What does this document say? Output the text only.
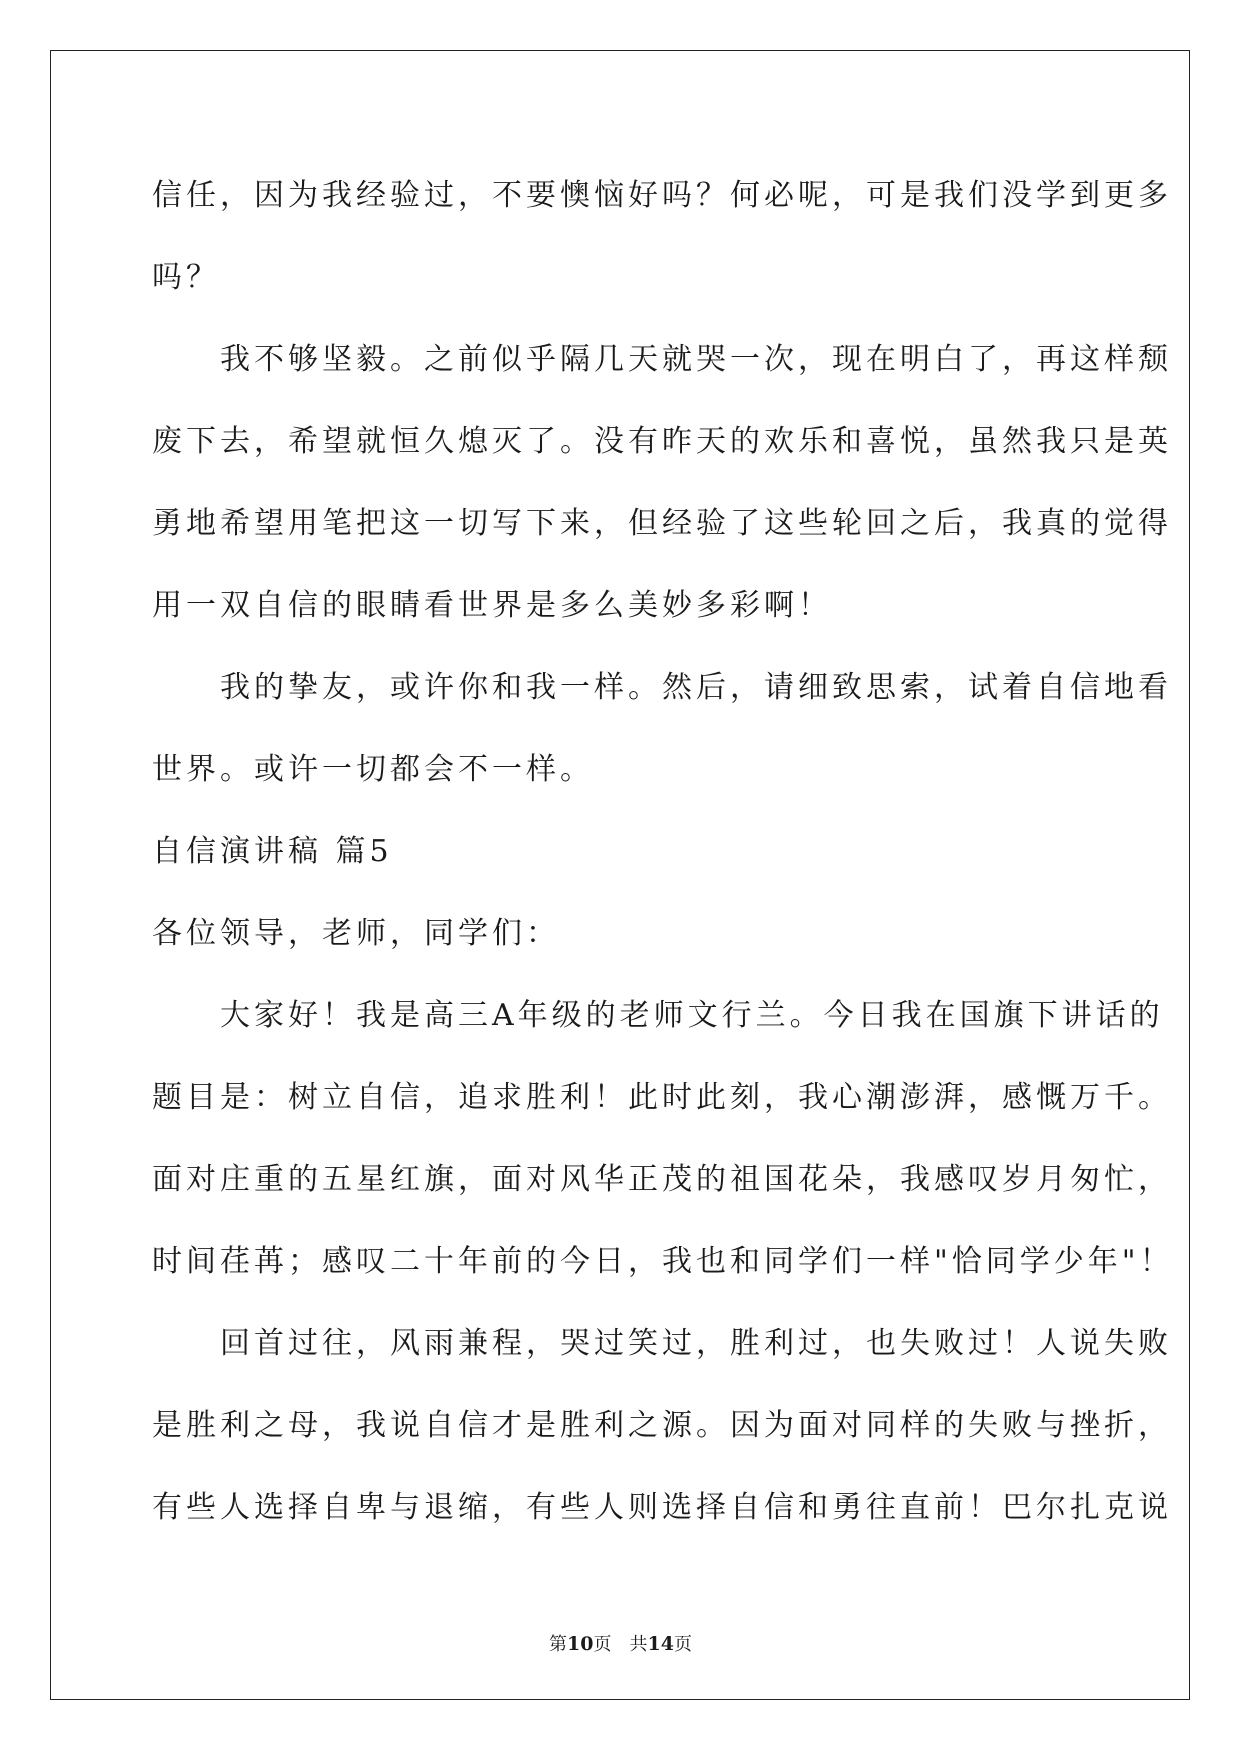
信任，因为我经验过，不要懊恼好吗？何必呢，可是我们没学到更多
吗？
　　我不够坚毅。之前似乎隔几天就哭一次，现在明白了，再这样颓
废下去，希望就恒久熄灭了。没有昨天的欢乐和喜悦，虽然我只是英
勇地希望用笔把这一切写下来，但经验了这些轮回之后，我真的觉得
用一双自信的眼睛看世界是多么美妙多彩啊！
　　我的挚友，或许你和我一样。然后，请细致思索，试着自信地看
世界。或许一切都会不一样。
自信演讲稿 篇5
各位领导，老师，同学们：
　　大家好！我是高三A年级的老师文行兰。今日我在国旗下讲话的
题目是：树立自信，追求胜利！此时此刻，我心潮澎湃，感慨万千。
面对庄重的五星红旗，面对风华正茂的祖国花朵，我感叹岁月匆忙，
时间荏苒；感叹二十年前的今日，我也和同学们一样"恰同学少年"！
　　回首过往，风雨兼程，哭过笑过，胜利过，也失败过！人说失败
是胜利之母，我说自信才是胜利之源。因为面对同样的失败与挫折，
有些人选择自卑与退缩，有些人则选择自信和勇往直前！巴尔扎克说
第10页　共14页
